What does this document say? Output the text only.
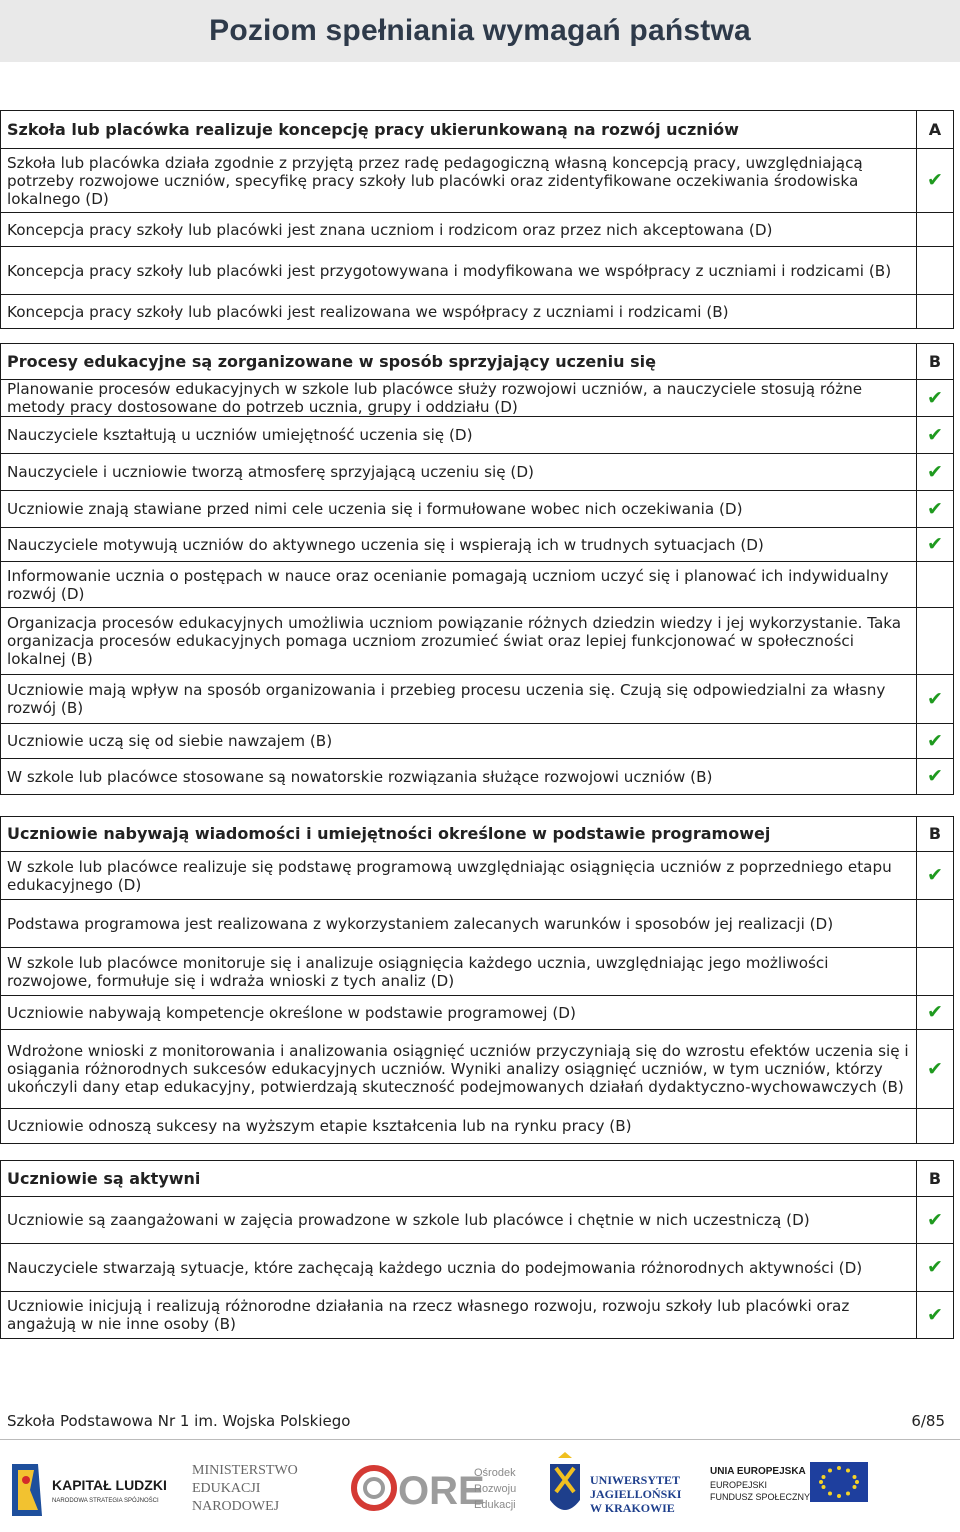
Poziom spełniania wymagań państwa
Szkoła lub placówka realizuje koncepcję pracy ukierunkowaną na rozwój uczniów	A
Szkoła lub placówka działa zgodnie z przyjętą przez radę pedagogiczną własną koncepcją pracy, uwzględniającą potrzeby rozwojowe uczniów, specyfikę pracy szkoły lub placówki oraz zidentyfikowane oczekiwania środowiska lokalnego (D)	✔
Koncepcja pracy szkoły lub placówki jest znana uczniom i rodzicom oraz przez nich akceptowana (D)	
Koncepcja pracy szkoły lub placówki jest przygotowywana i modyfikowana we współpracy z uczniami i rodzicami (B)	
Koncepcja pracy szkoły lub placówki jest realizowana we współpracy z uczniami i rodzicami (B)	
Procesy edukacyjne są zorganizowane w sposób sprzyjający uczeniu się	B
Planowanie procesów edukacyjnych w szkole lub placówce służy rozwojowi uczniów, a nauczyciele stosują różne metody pracy dostosowane do potrzeb ucznia, grupy i oddziału (D)	✔
Nauczyciele kształtują u uczniów umiejętność uczenia się (D)	✔
Nauczyciele i uczniowie tworzą atmosferę sprzyjającą uczeniu się (D)	✔
Uczniowie znają stawiane przed nimi cele uczenia się i formułowane wobec nich oczekiwania (D)	✔
Nauczyciele motywują uczniów do aktywnego uczenia się i wspierają ich w trudnych sytuacjach (D)	✔
Informowanie ucznia o postępach w nauce oraz ocenianie pomagają uczniom uczyć się i planować ich indywidualny rozwój (D)	
Organizacja procesów edukacyjnych umożliwia uczniom powiązanie różnych dziedzin wiedzy i jej wykorzystanie. Taka organizacja procesów edukacyjnych pomaga uczniom zrozumieć świat oraz lepiej funkcjonować w społeczności lokalnej (B)	
Uczniowie mają wpływ na sposób organizowania i przebieg procesu uczenia się. Czują się odpowiedzialni za własny rozwój (B)	✔
Uczniowie uczą się od siebie nawzajem (B)	✔
W szkole lub placówce stosowane są nowatorskie rozwiązania służące rozwojowi uczniów (B)	✔
Uczniowie nabywają wiadomości i umiejętności określone w podstawie programowej	B
W szkole lub placówce realizuje się podstawę programową uwzględniając osiągnięcia uczniów z poprzedniego etapu edukacyjnego (D)	✔
Podstawa programowa jest realizowana z wykorzystaniem zalecanych warunków i sposobów jej realizacji (D)	
W szkole lub placówce monitoruje się i analizuje osiągnięcia każdego ucznia, uwzględniając jego możliwości rozwojowe, formułuje się i wdraża wnioski z tych analiz (D)	
Uczniowie nabywają kompetencje określone w podstawie programowej (D)	✔
Wdrożone wnioski z monitorowania i analizowania osiągnięć uczniów przyczyniają się do wzrostu efektów uczenia się i osiągania różnorodnych sukcesów edukacyjnych uczniów. Wyniki analizy osiągnięć uczniów, w tym uczniów, którzy ukończyli dany etap edukacyjny, potwierdzają skuteczność podejmowanych działań dydaktyczno-wychowawczych (B)	✔
Uczniowie odnoszą sukcesy na wyższym etapie kształcenia lub na rynku pracy (B)	
Uczniowie są aktywni	B
Uczniowie są zaangażowani w zajęcia prowadzone w szkole lub placówce i chętnie w nich uczestniczą (D)	✔
Nauczyciele stwarzają sytuacje, które zachęcają każdego ucznia do podejmowania różnorodnych aktywności (D)	✔
Uczniowie inicjują i realizują różnorodne działania na rzecz własnego rozwoju, rozwoju szkoły lub placówki oraz angażują w nie inne osoby (B)	✔
Szkoła Podstawowa Nr 1 im. Wojska Polskiego	6/85
KAPITAŁ LUDZKI
NARODOWA STRATEGIA SPÓJNOŚCI
MINISTERSTWO
EDUKACJI
NARODOWEJ	ORE
Ośrodek
Rozwoju
Edukacji
UNIWERSYTET
JAGIELLOŃSKI
W KRAKOWIE
UNIA EUROPEJSKA
EUROPEJSKI
FUNDUSZ SPOŁECZNY
